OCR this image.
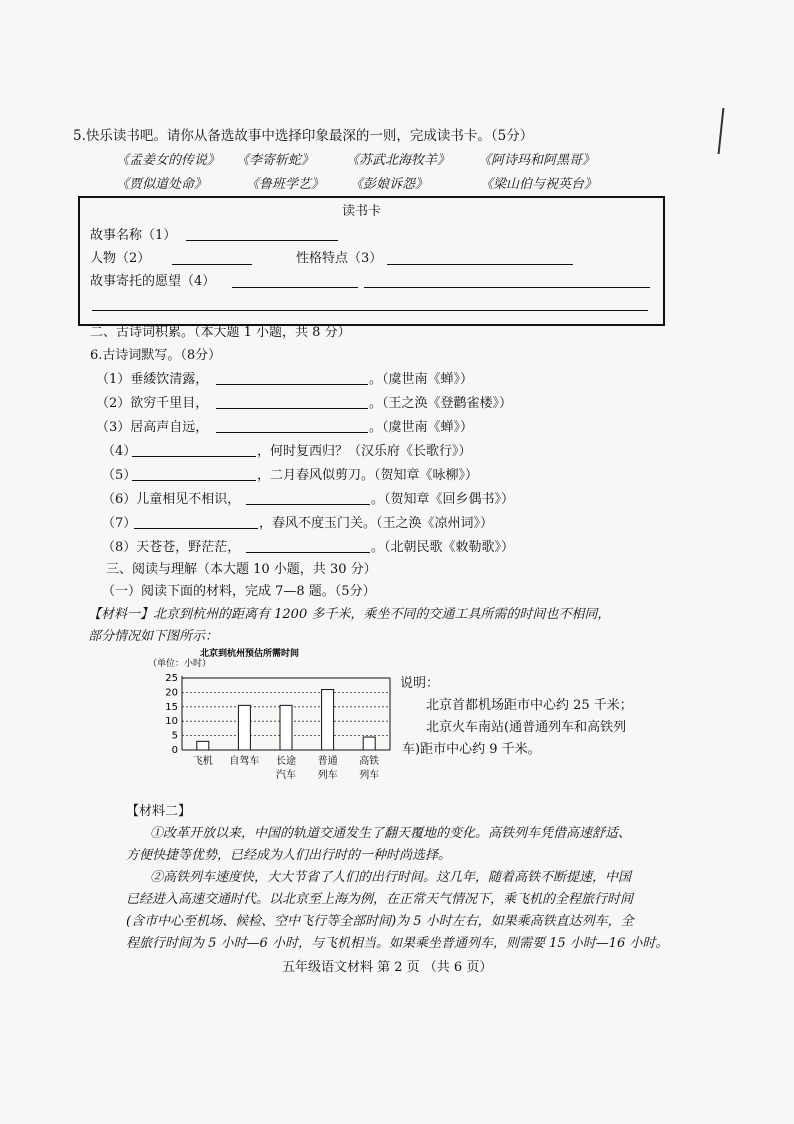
5.快乐读书吧。请你从备选故事中选择印象最深的一则，完成读书卡。（5分）
《孟姜女的传说》 《李寄斩蛇》 《苏武北海牧羊》 《阿诗玛和阿黑哥》
《贾似道处命》	《鲁班学艺》 《彭娘诉怨》	《梁山伯与祝英台》
读书卡
故事名称（1）
人物（2）	性格特点（3）
故事寄托的愿望（4）
二、古诗词积累。（本大题 1 小题，共 8 分）
6.古诗词默写。（8分）
（1）垂緌饮清露，	。（虞世南《蝉》）
（2）欲穷千里目，	。（王之涣《登鹳雀楼》）
（3）居高声自远，	。（虞世南《蝉》）
（4）	，何时复西归？（汉乐府《长歌行》）
（5）	，二月春风似剪刀。（贺知章《咏柳》）
（6）儿童相见不相识，	。（贺知章《回乡偶书》）
（7）	，春风不度玉门关。（王之涣《凉州词》）
（8）天苍苍，野茫茫，	。（北朝民歌《敕勒歌》）
三、阅读与理解（本大题 10 小题，共 30 分）
（一）阅读下面的材料，完成 7—8 题。（5分）
【材料一】北京到杭州的距离有 1200 多千米，乘坐不同的交通工具所需的时间也不相同，
部分情况如下图所示：
北京到杭州预估所需时间
（单位：小时）
0
5
10
15
20
25
飞机 自驾车 长途
汽车
普通
列车
高铁
列车
说明：
北京首都机场距市中心约 25 千米；
北京火车南站(通普通列车和高铁列
车)距市中心约 9 千米。
【材料二】
①改革开放以来，中国的轨道交通发生了翻天覆地的变化。高铁列车凭借高速舒适、
方便快捷等优势，已经成为人们出行时的一种时尚选择。
②高铁列车速度快，大大节省了人们的出行时间。这几年，随着高铁不断提速，中国
已经进入高速交通时代。以北京至上海为例，在正常天气情况下，乘飞机的全程旅行时间
(含市中心至机场、候检、空中飞行等全部时间)为 5 小时左右，如果乘高铁直达列车，全
程旅行时间为 5 小时—6 小时，与飞机相当。如果乘坐普通列车，则需要 15 小时—16 小时。
五年级语文材料 第 2 页 （共 6 页）
